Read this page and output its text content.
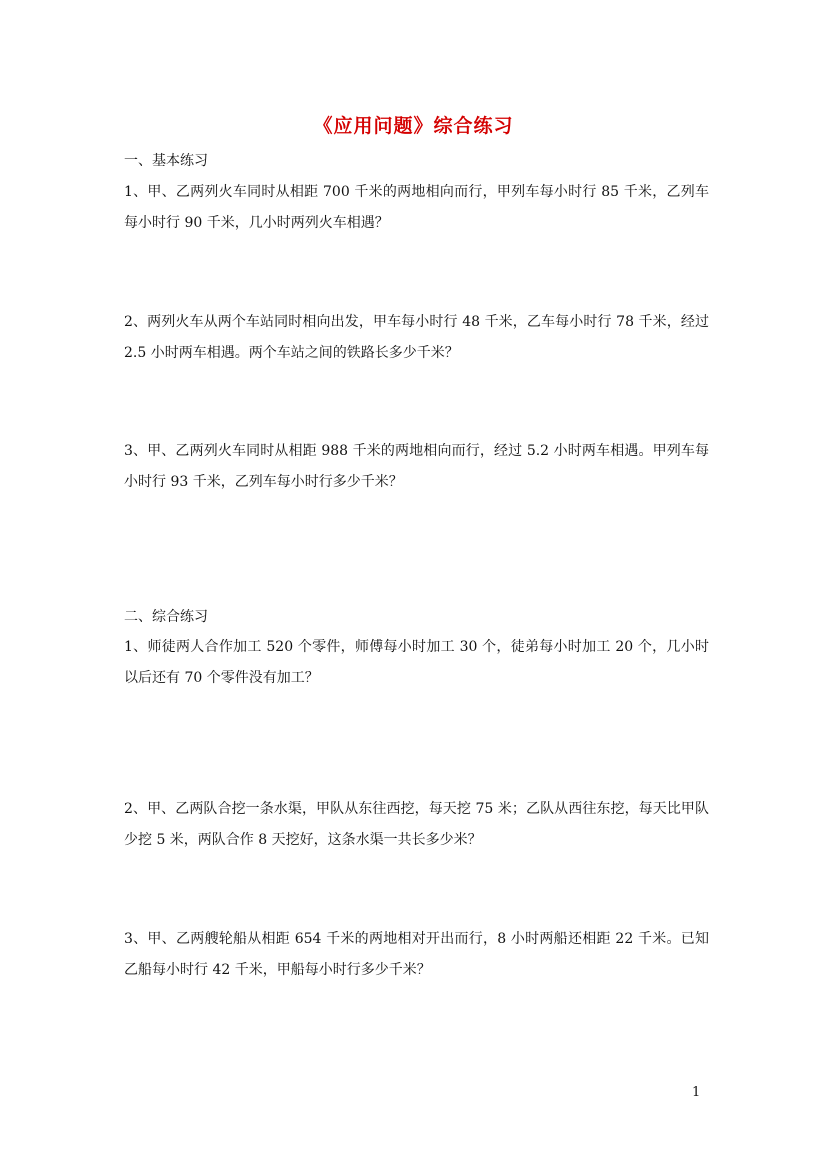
《应用问题》综合练习
一、基本练习
1、甲、乙两列火车同时从相距 700 千米的两地相向而行，甲列车每小时行 85 千米，乙列车每小时行 90 千米，几小时两列火车相遇？
2、两列火车从两个车站同时相向出发，甲车每小时行 48 千米，乙车每小时行 78 千米，经过 2.5 小时两车相遇。两个车站之间的铁路长多少千米？
3、甲、乙两列火车同时从相距 988 千米的两地相向而行，经过 5.2 小时两车相遇。甲列车每小时行 93 千米，乙列车每小时行多少千米？
二、综合练习
1、师徒两人合作加工 520 个零件，师傅每小时加工 30 个，徒弟每小时加工 20 个，几小时以后还有 70 个零件没有加工？
2、甲、乙两队合挖一条水渠，甲队从东往西挖，每天挖 75 米；乙队从西往东挖，每天比甲队少挖 5 米，两队合作 8 天挖好，这条水渠一共长多少米？
3、甲、乙两艘轮船从相距 654 千米的两地相对开出而行，8 小时两船还相距 22 千米。已知乙船每小时行 42 千米，甲船每小时行多少千米？
1
